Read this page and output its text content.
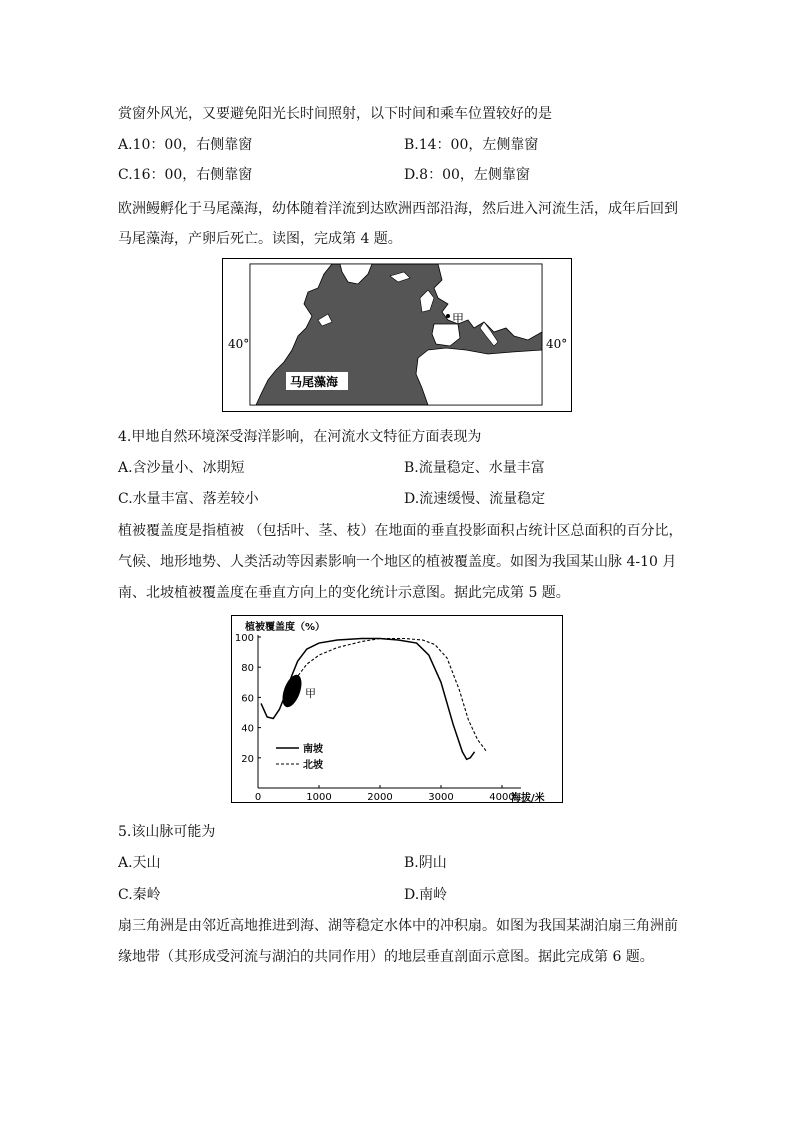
赏窗外风光，又要避免阳光长时间照射，以下时间和乘车位置较好的是
A.10：00，右侧靠窗	B.14：00，左侧靠窗
C.16：00，右侧靠窗	D.8：00，左侧靠窗
欧洲鳗孵化于马尾藻海，幼体随着洋流到达欧洲西部沿海，然后进入河流生活，成年后回到
马尾藻海，产卵后死亡。读图，完成第 4 题。
40°	40°
甲
马尾藻海
4.甲地自然环境深受海洋影响，在河流水文特征方面表现为
A.含沙量小、冰期短	B.流量稳定、水量丰富
C.水量丰富、落差较小	D.流速缓慢、流量稳定
植被覆盖度是指植被 （包括叶、茎、枝）在地面的垂直投影面积占统计区总面积的百分比，
气候、地形地势、人类活动等因素影响一个地区的植被覆盖度。如图为我国某山脉 4-10 月
南、北坡植被覆盖度在垂直方向上的变化统计示意图。据此完成第 5 题。
植被覆盖度（%）
海拔/米
0	1000	2000	3000	4000
20
40
60
80
100
甲
南坡
北坡
5.该山脉可能为
A.天山	B.阴山
C.秦岭	D.南岭
扇三角洲是由邻近高地推进到海、湖等稳定水体中的冲积扇。如图为我国某湖泊扇三角洲前
缘地带（其形成受河流与湖泊的共同作用）的地层垂直剖面示意图。据此完成第 6 题。
